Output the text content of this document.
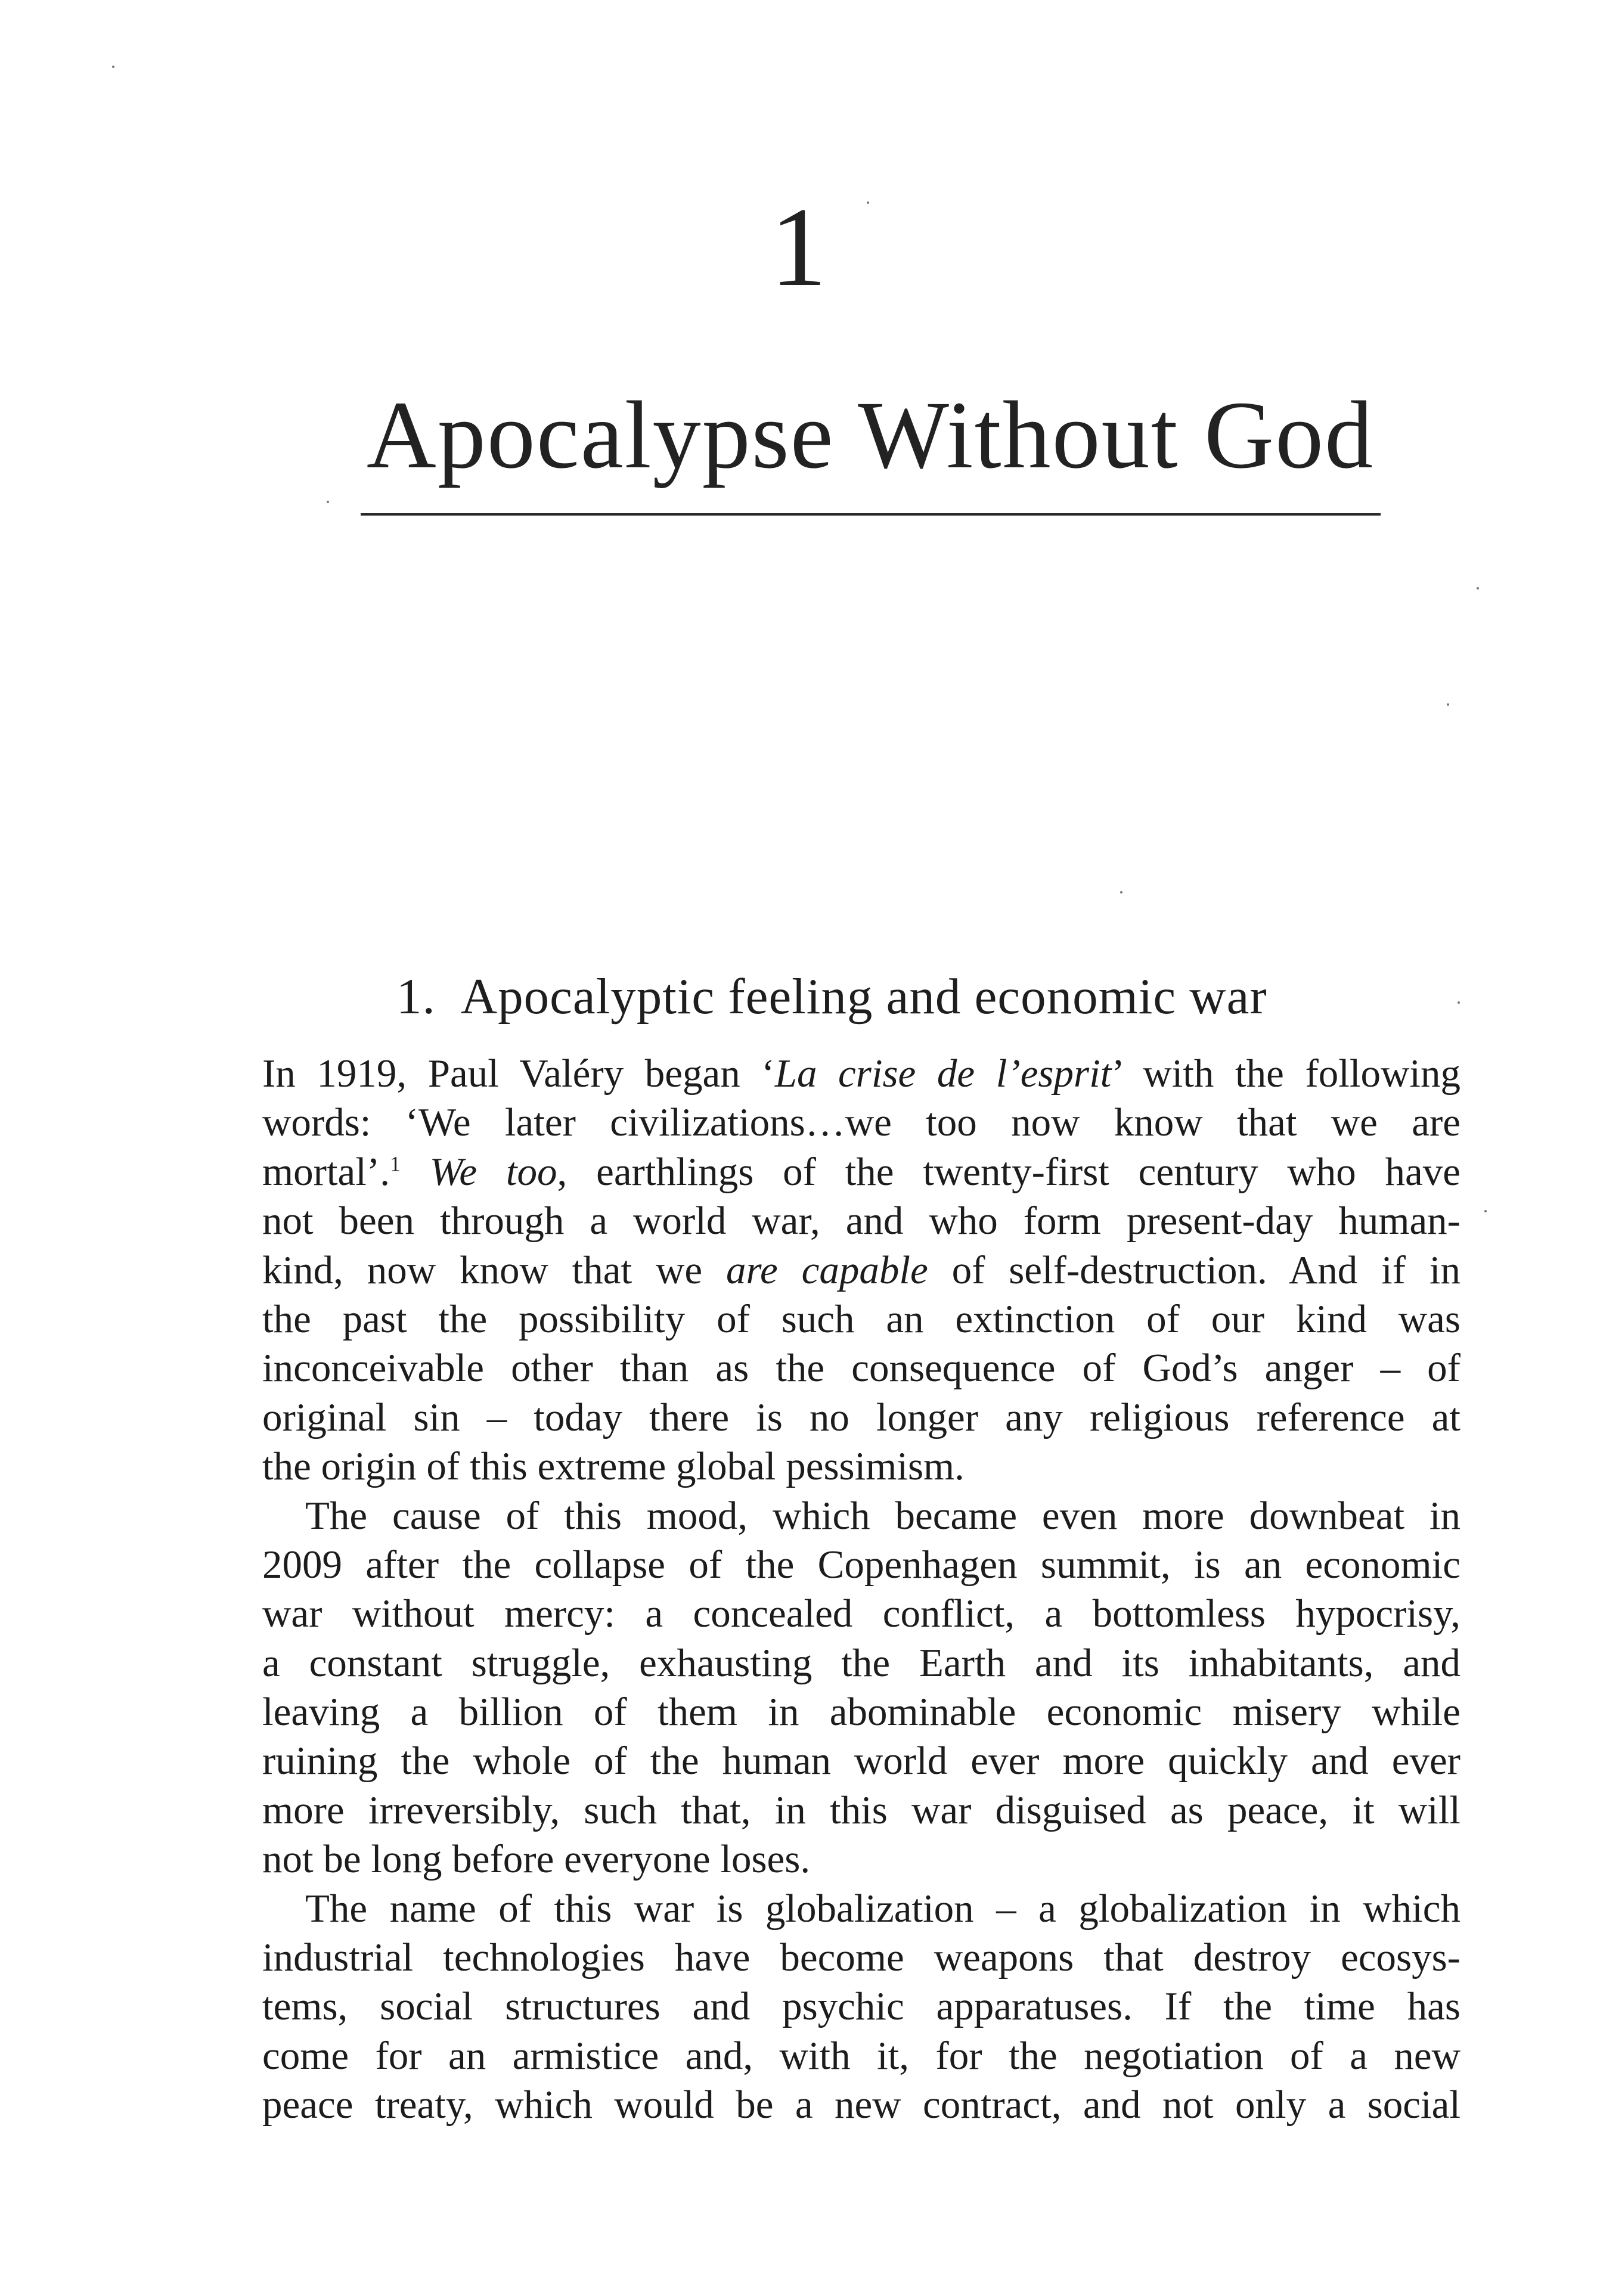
1
Apocalypse Without God
1. Apocalyptic feeling and economic war
In 1919, Paul Valéry began ‘La crise de l’esprit’ with the following
words: ‘We later civilizations…we too now know that we are
mortal’.$^1$ We too, earthlings of the twenty-first century who have
not been through a world war, and who form present-day human-
kind, now know that we are capable of self-destruction. And if in
the past the possibility of such an extinction of our kind was
inconceivable other than as the consequence of God’s anger – of
original sin – today there is no longer any religious reference at
the origin of this extreme global pessimism.
The cause of this mood, which became even more downbeat in
2009 after the collapse of the Copenhagen summit, is an economic
war without mercy: a concealed conflict, a bottomless hypocrisy,
a constant struggle, exhausting the Earth and its inhabitants, and
leaving a billion of them in abominable economic misery while
ruining the whole of the human world ever more quickly and ever
more irreversibly, such that, in this war disguised as peace, it will
not be long before everyone loses.
The name of this war is globalization – a globalization in which
industrial technologies have become weapons that destroy ecosys-
tems, social structures and psychic apparatuses. If the time has
come for an armistice and, with it, for the negotiation of a new
peace treaty, which would be a new contract, and not only a social
